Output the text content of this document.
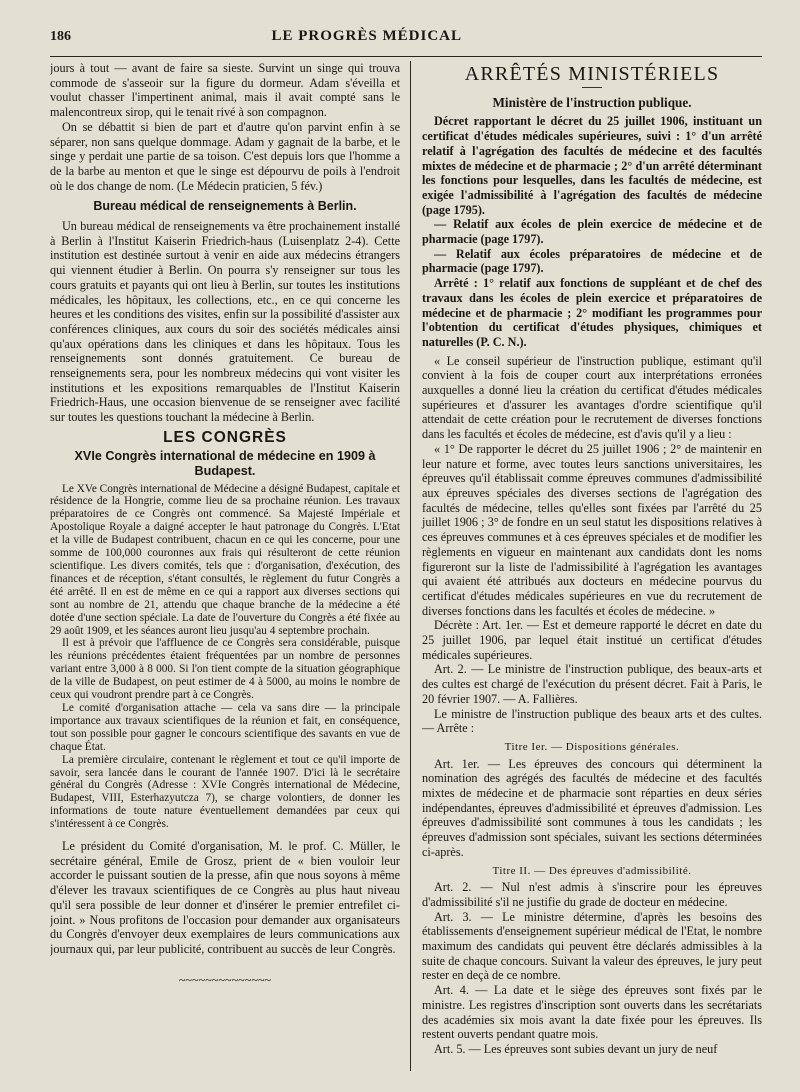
186	LE PROGRÈS MÉDICAL

jours à tout — avant de faire sa sieste. Survint un singe qui trouva commode de s'asseoir sur la figure du dormeur. Adam s'éveilla et voulut chasser l'impertinent animal, mais il avait compté sans le malencontreux sirop, qui le tenait rivé à son compagnon.

On se débattit si bien de part et d'autre qu'on parvint enfin à se séparer, non sans quelque dommage. Adam y gagnait de la barbe, et le singe y perdait une partie de sa toison. C'est depuis lors que l'homme a de la barbe au menton et que le singe est dépourvu de poils à l'endroit où le dos change de nom. (Le Médecin praticien, 5 fév.)

Bureau médical de renseignements à Berlin.

Un bureau médical de renseignements va être prochainement installé à Berlin à l'Institut Kaiserin Friedrich-haus (Luisenplatz 2-4). Cette institution est destinée surtout à venir en aide aux médecins étrangers qui viennent étudier à Berlin. On pourra s'y renseigner sur tous les cours gratuits et payants qui ont lieu à Berlin, sur toutes les institutions médicales, les hôpitaux, les collections, etc., en ce qui concerne les heures et les conditions des visites, enfin sur la possibilité d'assister aux conférences cliniques, aux cours du soir des sociétés médicales ainsi qu'aux opérations dans les cliniques et dans les hôpitaux. Tous les renseignements sont donnés gratuitement. Ce bureau de renseignements sera, pour les nombreux médecins qui vont visiter les institutions et les expositions remarquables de l'Institut Kaiserin Friedrich-Haus, une occasion bienvenue de se renseigner avec facilité sur toutes les questions touchant la médecine à Berlin.

LES CONGRÈS
XVIe Congrès international de médecine en 1909 à Budapest.

Le XVe Congrès international de Médecine a désigné Budapest, capitale et résidence de la Hongrie, comme lieu de sa prochaine réunion. Les travaux préparatoires de ce Congrès ont commencé. Sa Majesté Impériale et Apostolique Royale a daigné accepter le haut patronage du Congrès. L'Etat et la ville de Budapest contribuent, chacun en ce qui les concerne, pour une somme de 100,000 couronnes aux frais qui résulteront de cette réunion scientifique. Les divers comités, tels que : d'organisation, d'exécution, des finances et de réception, s'étant consultés, le règlement du futur Congrès a été arrêté. Il en est de même en ce qui a rapport aux diverses sections qui sont au nombre de 21, attendu que chaque branche de la médecine a été dotée d'une section spéciale. La date de l'ouverture du Congrès a été fixée au 29 août 1909, et les séances auront lieu jusqu'au 4 septembre prochain.

Il est à prévoir que l'affluence de ce Congrès sera considérable, puisque les réunions précédentes étaient fréquentées par un nombre de personnes variant entre 3,000 à 8 000. Si l'on tient compte de la situation géographique de la ville de Budapest, on peut estimer de 4 à 5000, au moins le nombre de ceux qui voudront prendre part à ce Congrès.

Le comité d'organisation attache — cela va sans dire — la principale importance aux travaux scientifiques de la réunion et fait, en conséquence, tout son possible pour gagner le concours scientifique des savants en vue de chaque État.

La première circulaire, contenant le règlement et tout ce qu'il importe de savoir, sera lancée dans le courant de l'année 1907. D'ici là le secrétaire général du Congrès (Adresse : XVIe Congrès international de Médecine, Budapest, VIII, Esterhazyutcza 7), se charge volontiers, de donner les informations de toute nature éventuellement demandées par ceux qui s'intéressent à ce Congrès.

Le président du Comité d'organisation, M. le prof. C. Müller, le secrétaire général, Emile de Grosz, prient de « bien vouloir leur accorder le puissant soutien de la presse, afin que nous soyons à même d'élever les travaux scientifiques de ce Congrès au plus haut niveau qu'il sera possible de leur donner et d'insérer le premier entrefilet ci-joint. » Nous profitons de l'occasion pour demander aux organisateurs du Congrès d'envoyer deux exemplaires de leurs communications aux journaux qui, par leur publicité, contribuent au succès de leur Congrès.

~~~~~~~~~~~~~~
ARRÊTÉS MINISTÉRIELS
Ministère de l'instruction publique.

Décret rapportant le décret du 25 juillet 1906, instituant un certificat d'études médicales supérieures, suivi : 1° d'un arrêté relatif à l'agrégation des facultés de médecine et des facultés mixtes de médecine et de pharmacie ; 2° d'un arrêté déterminant les fonctions pour lesquelles, dans les facultés de médecine, est exigée l'admissibilité à l'agrégation des facultés de médecine (page 1795).

— Relatif aux écoles de plein exercice de médecine et de pharmacie (page 1797).

— Relatif aux écoles préparatoires de médecine et de pharmacie (page 1797).

Arrêté : 1° relatif aux fonctions de suppléant et de chef des travaux dans les écoles de plein exercice et préparatoires de médecine et de pharmacie ; 2° modifiant les programmes pour l'obtention du certificat d'études physiques, chimiques et naturelles (P. C. N.).

« Le conseil supérieur de l'instruction publique, estimant qu'il convient à la fois de couper court aux interprétations erronées auxquelles a donné lieu la création du certificat d'études médicales supérieures et d'assurer les avantages d'ordre scientifique qu'il attendait de cette création pour le recrutement de diverses fonctions dans les facultés et écoles de médecine, est d'avis qu'il y a lieu :

« 1° De rapporter le décret du 25 juillet 1906 ; 2° de maintenir en leur nature et forme, avec toutes leurs sanctions universitaires, les épreuves qu'il établissait comme épreuves communes d'admissibilité aux épreuves spéciales des diverses sections de l'agrégation des facultés de médecine, telles qu'elles sont fixées par l'arrêté du 25 juillet 1906 ; 3° de fondre en un seul statut les dispositions relatives à ces épreuves communes et à ces épreuves spéciales et de modifier les règlements en vigueur en maintenant aux candidats dont les noms figureront sur la liste de l'admissibilité à l'agrégation les avantages qui avaient été attribués aux docteurs en médecine pourvus du certificat d'études médicales supérieures en vue du recrutement de diverses fonctions dans les facultés et écoles de médecine. »

Décrète : Art. 1er. — Est et demeure rapporté le décret en date du 25 juillet 1906, par lequel était institué un certificat d'études médicales supérieures.

Art. 2. — Le ministre de l'instruction publique, des beaux-arts et des cultes est chargé de l'exécution du présent décret. Fait à Paris, le 20 février 1907. — A. Fallières.

Le ministre de l'instruction publique des beaux arts et des cultes. — Arrête :

Titre Ier. — Dispositions générales.

Art. 1er. — Les épreuves des concours qui déterminent la nomination des agrégés des facultés de médecine et des facultés mixtes de médecine et de pharmacie sont réparties en deux séries indépendantes, épreuves d'admissibilité et épreuves d'admission. Les épreuves d'admissibilité sont communes à tous les candidats ; les épreuves d'admission sont spéciales, suivant les sections déterminées ci-après.

Titre II. — Des épreuves d'admissibilité.

Art. 2. — Nul n'est admis à s'inscrire pour les épreuves d'admissibilité s'il ne justifie du grade de docteur en médecine.

Art. 3. — Le ministre détermine, d'après les besoins des établissements d'enseignement supérieur médical de l'Etat, le nombre maximum des candidats qui peuvent être déclarés admissibles à la suite de chaque concours. Suivant la valeur des épreuves, le jury peut rester en deçà de ce nombre.

Art. 4. — La date et le siège des épreuves sont fixés par le ministre. Les registres d'inscription sont ouverts dans les secrétariats des académies six mois avant la date fixée pour les épreuves. Ils restent ouverts pendant quatre mois.

Art. 5. — Les épreuves sont subies devant un jury de neuf
